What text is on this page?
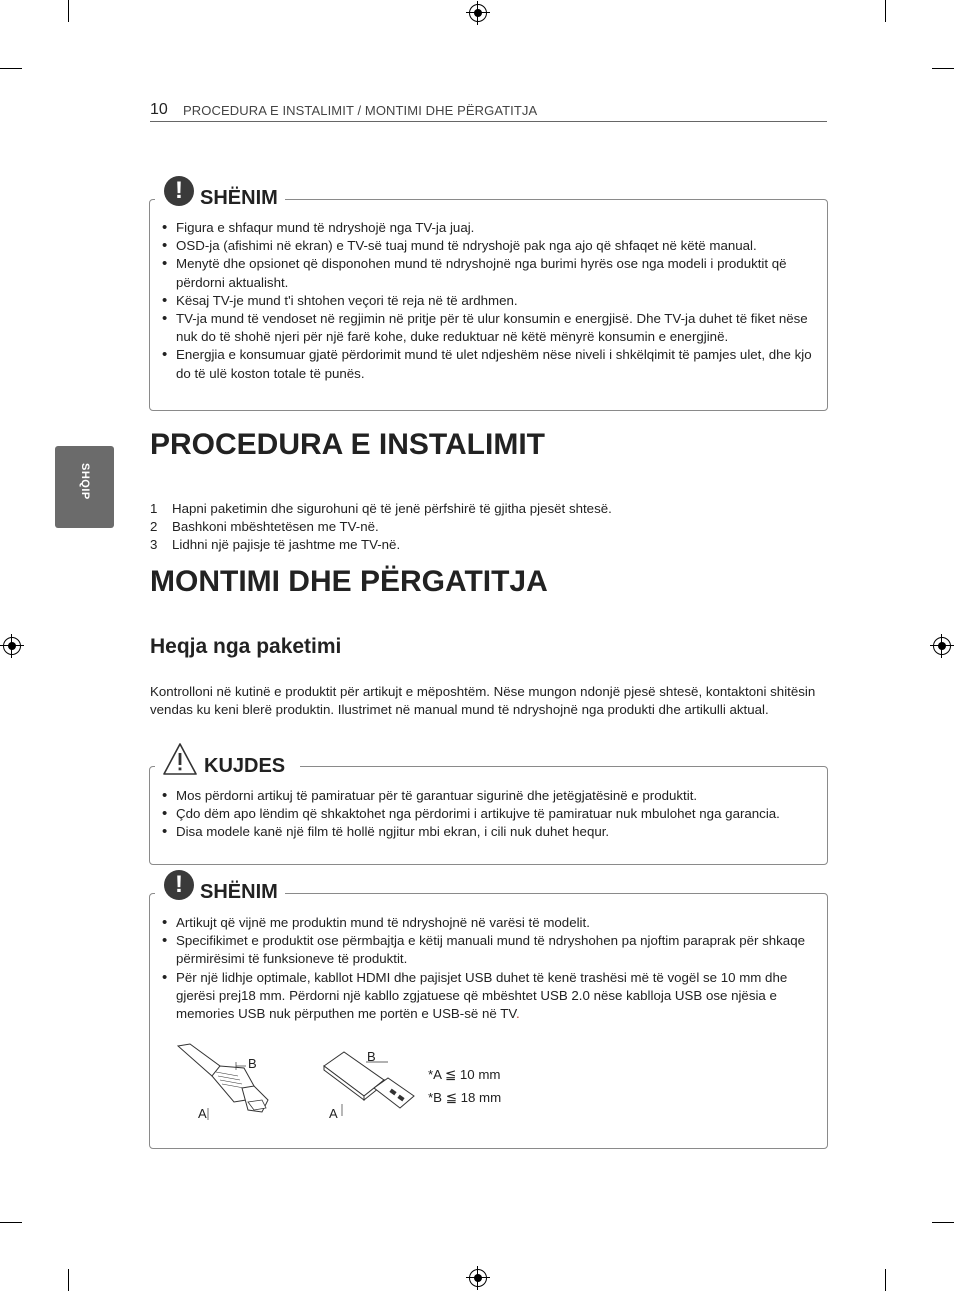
10 PROCEDURA E INSTALIMIT / MONTIMI DHE PËRGATITJA
SHQIP
• Figura e shfaqur mund të ndryshojë nga TV-ja juaj.
• OSD-ja (afishimi në ekran) e TV-së tuaj mund të ndryshojë pak nga ajo që shfaqet në këtë manual.
• Menytë dhe opsionet që disponohen mund të ndryshojnë nga burimi hyrës ose nga modeli i produktit që përdorni aktualisht.
• Kësaj TV-je mund t'i shtohen veçori të reja në të ardhmen.
• TV-ja mund të vendoset në regjimin në pritje për të ulur konsumin e energjisë. Dhe TV-ja duhet të fiket nëse nuk do të shohë njeri për një farë kohe, duke reduktuar në këtë mënyrë konsumin e energjinë.
• Energjia e konsumuar gjatë përdorimit mund të ulet ndjeshëm nëse niveli i shkëlqimit të pamjes ulet, dhe kjo do të ulë koston totale të punës.
! SHËNIM
PROCEDURA E INSTALIMIT
1 Hapni paketimin dhe sigurohuni që të jenë përfshirë të gjitha pjesët shtesë.
2 Bashkoni mbështetësen me TV-në.
3 Lidhni një pajisje të jashtme me TV-në.
MONTIMI DHE PËRGATITJA
Heqja nga paketimi
Kontrolloni në kutinë e produktit për artikujt e mëposhtëm. Nëse mungon ndonjë pjesë shtesë, kontaktoni shitësin vendas ku keni blerë produktin. Ilustrimet në manual mund të ndryshojnë nga produkti dhe artikulli aktual.
• Mos përdorni artikuj të pamiratuar për të garantuar sigurinë dhe jetëgjatësinë e produktit.
• Çdo dëm apo lëndim që shkaktohet nga përdorimi i artikujve të pamiratuar nuk mbulohet nga garancia.
• Disa modele kanë një film të hollë ngjitur mbi ekran, i cili nuk duhet hequr.
KUJDES
• Artikujt që vijnë me produktin mund të ndryshojnë në varësi të modelit.
• Specifikimet e produktit ose përmbajtja e këtij manuali mund të ndryshohen pa njoftim paraprak për shkaqe përmirësimi të funksioneve të produktit.
• Për një lidhje optimale, kabllot HDMI dhe pajisjet USB duhet të kenë trashësi më të vogël se 10 mm dhe gjerësi prej18 mm. Përdorni një kabllo zgjatuese që mbështet USB 2.0 nëse kablloja USB ose njësia e memories USB nuk përputhen me portën e USB-së në TV.
B
A
B
A
*A ≦ 10 mm
*B ≦ 18 mm
! SHËNIM
